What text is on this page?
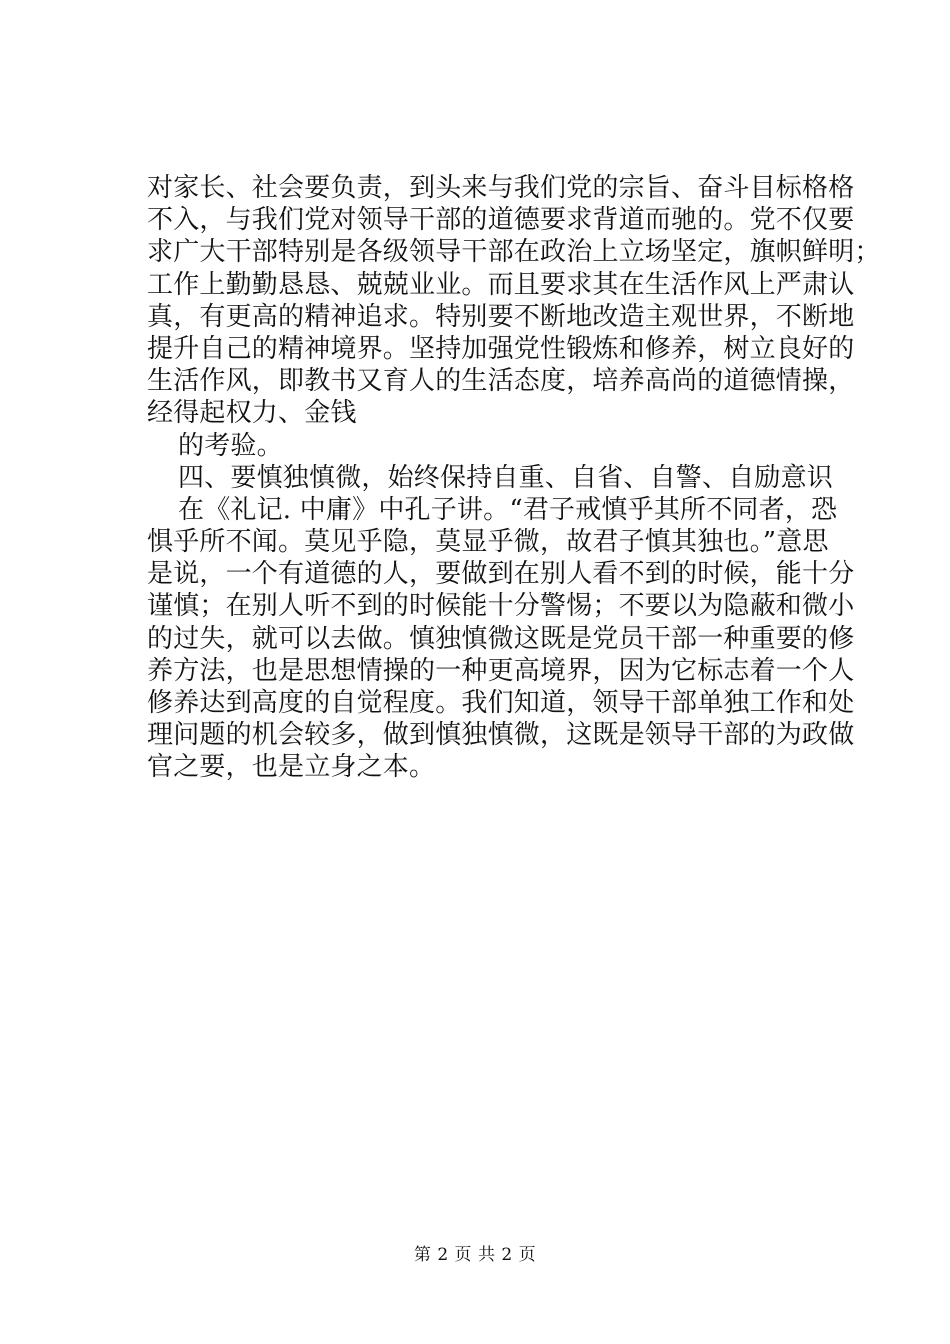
对家长、社会要负责，到头来与我们党的宗旨、奋斗目标格格
不入，与我们党对领导干部的道德要求背道而驰的。党不仅要
求广大干部特别是各级领导干部在政治上立场坚定，旗帜鲜明；
工作上勤勤恳恳、兢兢业业。而且要求其在生活作风上严肃认
真，有更高的精神追求。特别要不断地改造主观世界，不断地
提升自己的精神境界。坚持加强党性锻炼和修养，树立良好的
生活作风，即教书又育人的生活态度，培养高尚的道德情操，
经得起权力、金钱
的考验。
四、要慎独慎微，始终保持自重、自省、自警、自励意识
在《礼记. 中庸》中孔子讲。“君子戒慎乎其所不同者，恐
惧乎所不闻。莫见乎隐，莫显乎微，故君子慎其独也。”意思
是说，一个有道德的人，要做到在别人看不到的时候，能十分
谨慎；在别人听不到的时候能十分警惕；不要以为隐蔽和微小
的过失，就可以去做。慎独慎微这既是党员干部一种重要的修
养方法，也是思想情操的一种更高境界，因为它标志着一个人
修养达到高度的自觉程度。我们知道，领导干部单独工作和处
理问题的机会较多，做到慎独慎微，这既是领导干部的为政做
官之要，也是立身之本。
第 2 页 共 2 页
